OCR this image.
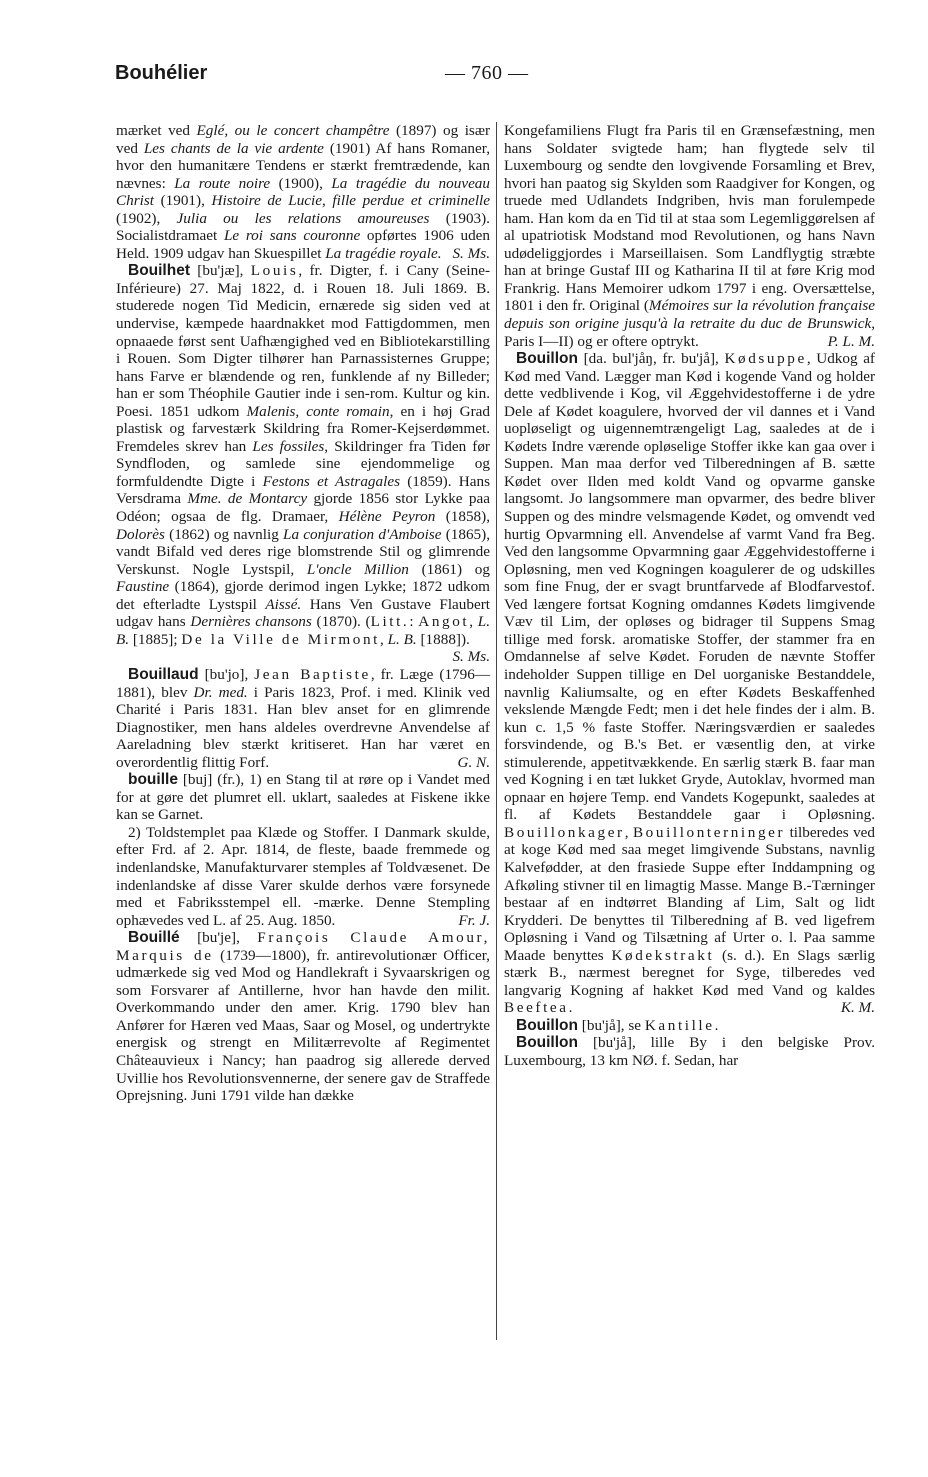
Bouhélier	— 760 —

mærket ved Eglé, ou le concert champêtre (1897) og især ved Les chants de la vie ardente (1901) Af hans Romaner, hvor den humanitære Tendens er stærkt fremtrædende, kan nævnes: La route noire (1900), La tragédie du nouveau Christ (1901), Histoire de Lucie, fille perdue et criminelle (1902), Julia ou les relations amoureuses (1903). Socialistdramaet Le roi sans couronne opførtes 1906 uden Held. 1909 udgav han Skuespillet La tragédie royale. S. Ms.

Bouilhet [bu'jæ], Louis, fr. Digter, f. i Cany (Seine-Inférieure) 27. Maj 1822, d. i Rouen 18. Juli 1869. B. studerede nogen Tid Medicin, ernærede sig siden ved at undervise, kæmpede haardnakket mod Fattigdommen, men opnaaede først sent Uafhængighed ved en Bibliotekarstilling i Rouen. Som Digter tilhører han Parnassisternes Gruppe; hans Farve er blændende og ren, funklende af ny Billeder; han er som Théophile Gautier inde i sen-rom. Kultur og kin. Poesi. 1851 udkom Malenis, conte romain, en i høj Grad plastisk og farvestærk Skildring fra Romer-Kejserdømmet. Fremdeles skrev han Les fossiles, Skildringer fra Tiden før Syndfloden, og samlede sine ejendommelige og formfuldendte Digte i Festons et Astragales (1859). Hans Versdrama Mme. de Montarcy gjorde 1856 stor Lykke paa Odéon; ogsaa de flg. Dramaer, Hélène Peyron (1858), Dolorès (1862) og navnlig La conjuration d'Amboise (1865), vandt Bifald ved deres rige blomstrende Stil og glimrende Verskunst. Nogle Lystspil, L'oncle Million (1861) og Faustine (1864), gjorde derimod ingen Lykke; 1872 udkom det efterladte Lystspil Aissé. Hans Ven Gustave Flaubert udgav hans Dernières chansons (1870). (Litt.: Angot, L. B. [1885]; De la Ville de Mirmont, L. B. [1888]).
S. Ms.

Bouillaud [bu'jo], Jean Baptiste, fr. Læge (1796—1881), blev Dr. med. i Paris 1823, Prof. i med. Klinik ved Charité i Paris 1831. Han blev anset for en glimrende Diagnostiker, men hans aldeles overdrevne Anvendelse af Aareladning blev stærkt kritiseret. Han har været en overordentlig flittig Forf.	G. N.

bouille [buj] (fr.), 1) en Stang til at røre op i Vandet med for at gøre det plumret ell. uklart, saaledes at Fiskene ikke kan se Garnet.

2) Toldstemplet paa Klæde og Stoffer. I Danmark skulde, efter Frd. af 2. Apr. 1814, de fleste, baade fremmede og indenlandske, Manufakturvarer stemples af Toldvæsenet. De indenlandske af disse Varer skulde derhos være forsynede med et Fabriksstempel ell. -mærke. Denne Stempling ophævedes ved L. af 25. Aug. 1850.	Fr. J.

Bouillé [bu'je], François Claude Amour, Marquis de (1739—1800), fr. antirevolutionær Officer, udmærkede sig ved Mod og Handlekraft i Syvaarskrigen og som Forsvarer af Antillerne, hvor han havde den milit. Overkommando under den amer. Krig. 1790 blev han Anfører for Hæren ved Maas, Saar og Mosel, og undertrykte energisk og strengt en Militærrevolte af Regimentet Châteauvieux i Nancy; han paadrog sig allerede derved Uvillie hos Revolutionsvennerne, der senere gav de Straffede Oprejsning. Juni 1791 vilde han dække

Kongefamiliens Flugt fra Paris til en Grænsefæstning, men hans Soldater svigtede ham; han flygtede selv til Luxembourg og sendte den lovgivende Forsamling et Brev, hvori han paatog sig Skylden som Raadgiver for Kongen, og truede med Udlandets Indgriben, hvis man forulempede ham. Han kom da en Tid til at staa som Legemliggørelsen af al upatriotisk Modstand mod Revolutionen, og hans Navn udødeliggjordes i Marseillaisen. Som Landflygtig stræbte han at bringe Gustaf III og Katharina II til at føre Krig mod Frankrig. Hans Memoirer udkom 1797 i eng. Oversættelse, 1801 i den fr. Original (Mémoires sur la révolution française depuis son origine jusqu'à la retraite du duc de Brunswick, Paris I—II) og er oftere optrykt.	P. L. M.

Bouillon [da. bul'jåŋ, fr. bu'jå], Kødsuppe, Udkog af Kød med Vand. Lægger man Kød i kogende Vand og holder dette vedblivende i Kog, vil Æggehvidestofferne i de ydre Dele af Kødet koagulere, hvorved der vil dannes et i Vand uopløseligt og uigennemtrængeligt Lag, saaledes at de i Kødets Indre værende opløselige Stoffer ikke kan gaa over i Suppen. Man maa derfor ved Tilberedningen af B. sætte Kødet over Ilden med koldt Vand og opvarme ganske langsomt. Jo langsommere man opvarmer, des bedre bliver Suppen og des mindre velsmagende Kødet, og omvendt ved hurtig Opvarmning ell. Anvendelse af varmt Vand fra Beg. Ved den langsomme Opvarmning gaar Æggehvidestofferne i Opløsning, men ved Kogningen koagulerer de og udskilles som fine Fnug, der er svagt bruntfarvede af Blodfarvestof. Ved længere fortsat Kogning omdannes Kødets limgivende Væv til Lim, der opløses og bidrager til Suppens Smag tillige med forsk. aromatiske Stoffer, der stammer fra en Omdannelse af selve Kødet. Foruden de nævnte Stoffer indeholder Suppen tillige en Del uorganiske Bestanddele, navnlig Kaliumsalte, og en efter Kødets Beskaffenhed vekslende Mængde Fedt; men i det hele findes der i alm. B. kun c. 1,5 % faste Stoffer. Næringsværdien er saaledes forsvindende, og B.'s Bet. er væsentlig den, at virke stimulerende, appetitvækkende. En særlig stærk B. faar man ved Kogning i en tæt lukket Gryde, Autoklav, hvormed man opnaar en højere Temp. end Vandets Kogepunkt, saaledes at fl. af Kødets Bestanddele gaar i Opløsning. Bouillonkager, Bouillonterninger tilberedes ved at koge Kød med saa meget limgivende Substans, navnlig Kalvefødder, at den frasiede Suppe efter Inddampning og Afkøling stivner til en limagtig Masse. Mange B.-Tærninger bestaar af en indtørret Blanding af Lim, Salt og lidt Krydderi. De benyttes til Tilberedning af B. ved ligefrem Opløsning i Vand og Tilsætning af Urter o. l. Paa samme Maade benyttes Kødekstrakt (s. d.). En Slags særlig stærk B., nærmest beregnet for Syge, tilberedes ved langvarig Kogning af hakket Kød med Vand og kaldes Beeftea.	K. M.

Bouillon [bu'jå], se Kantille.

Bouillon [bu'jå], lille By i den belgiske Prov. Luxembourg, 13 km NØ. f. Sedan, har
